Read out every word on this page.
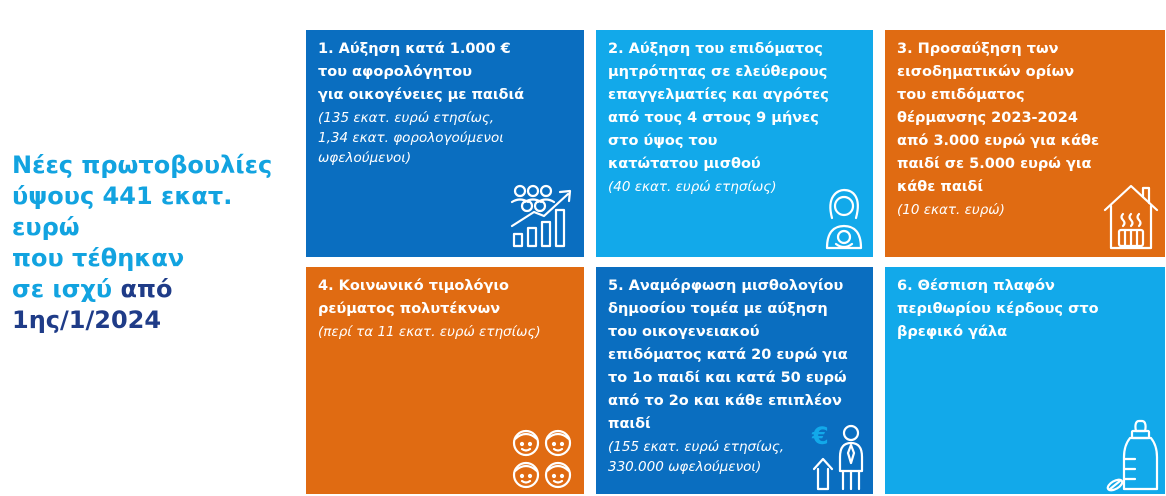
Νέες πρωτοβουλίες
ύψους 441 εκατ.
ευρώ
που τέθηκαν
σε ισχύ από
1ης/1/2024
1. Αύξηση κατά 1.000 €
του αφορολόγητου
για οικογένειες με παιδιά
(135 εκατ. ευρώ ετησίως,
1,34 εκατ. φορολογούμενοι
ωφελούμενοι)
2. Αύξηση του επιδόματος
μητρότητας σε ελεύθερους
επαγγελματίες και αγρότες
από τους 4 στους 9 μήνες
στο ύψος του
κατώτατου μισθού
(40 εκατ. ευρώ ετησίως)
3. Προσαύξηση των
εισοδηματικών ορίων
του επιδόματος
θέρμανσης 2023-2024
από 3.000 ευρώ για κάθε
παιδί σε 5.000 ευρώ για
κάθε παιδί
(10 εκατ. ευρώ)
4. Κοινωνικό τιμολόγιο
ρεύματος πολυτέκνων
(περί τα 11 εκατ. ευρώ ετησίως)
5. Αναμόρφωση μισθολογίου
δημοσίου τομέα με αύξηση
του οικογενειακού
επιδόματος κατά 20 ευρώ για
το 1ο παιδί και κατά 50 ευρώ
από το 2ο και κάθε επιπλέον
παιδί
(155 εκατ. ευρώ ετησίως,
330.000 ωφελούμενοι)
€
6. Θέσπιση πλαφόν
περιθωρίου κέρδους στο
βρεφικό γάλα
